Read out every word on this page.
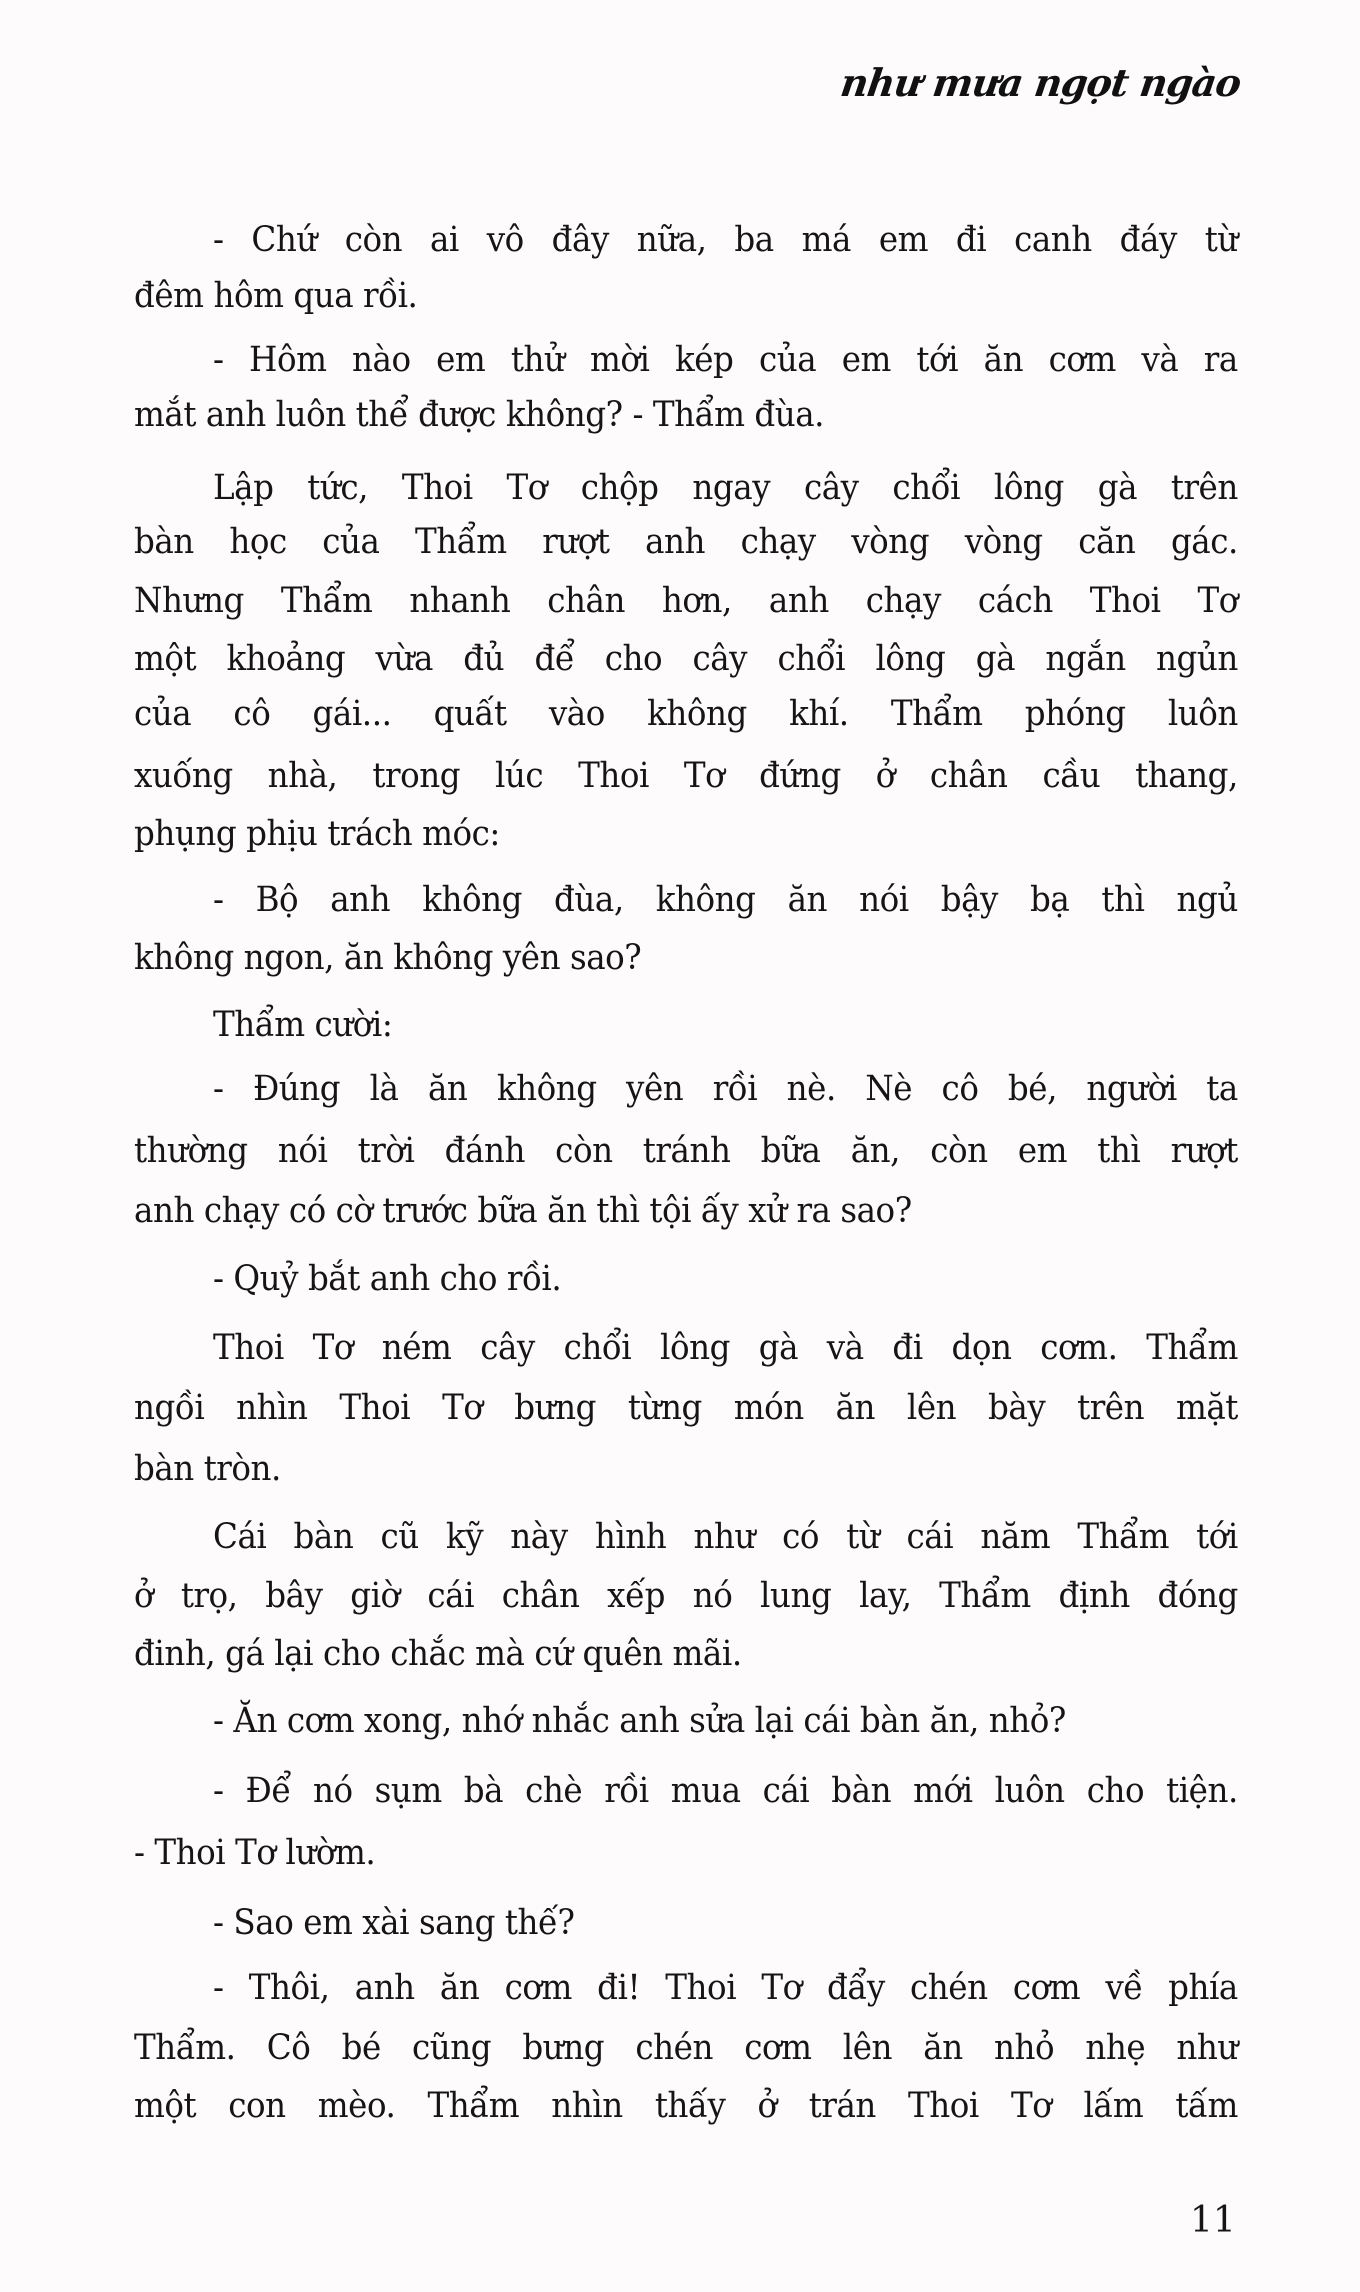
như mưa ngọt ngào
- Chứ còn ai vô đây nữa, ba má em đi canh đáy từ
đêm hôm qua rồi.
- Hôm nào em thử mời kép của em tới ăn cơm và ra
mắt anh luôn thể được không? - Thẩm đùa.
Lập tức, Thoi Tơ chộp ngay cây chổi lông gà trên
bàn học của Thẩm rượt anh chạy vòng vòng căn gác.
Nhưng Thẩm nhanh chân hơn, anh chạy cách Thoi Tơ
một khoảng vừa đủ để cho cây chổi lông gà ngắn ngủn
của cô gái... quất vào không khí. Thẩm phóng luôn
xuống nhà, trong lúc Thoi Tơ đứng ở chân cầu thang,
phụng phịu trách móc:
- Bộ anh không đùa, không ăn nói bậy bạ thì ngủ
không ngon, ăn không yên sao?
Thẩm cười:
- Đúng là ăn không yên rồi nè. Nè cô bé, người ta
thường nói trời đánh còn tránh bữa ăn, còn em thì rượt
anh chạy có cờ trước bữa ăn thì tội ấy xử ra sao?
- Quỷ bắt anh cho rồi.
Thoi Tơ ném cây chổi lông gà và đi dọn cơm. Thẩm
ngồi nhìn Thoi Tơ bưng từng món ăn lên bày trên mặt
bàn tròn.
Cái bàn cũ kỹ này hình như có từ cái năm Thẩm tới
ở trọ, bây giờ cái chân xếp nó lung lay, Thẩm định đóng
đinh, gá lại cho chắc mà cứ quên mãi.
- Ăn cơm xong, nhớ nhắc anh sửa lại cái bàn ăn, nhỏ?
- Để nó sụm bà chè rồi mua cái bàn mới luôn cho tiện.
- Thoi Tơ lườm.
- Sao em xài sang thế?
- Thôi, anh ăn cơm đi! Thoi Tơ đẩy chén cơm về phía
Thẩm. Cô bé cũng bưng chén cơm lên ăn nhỏ nhẹ như
một con mèo. Thẩm nhìn thấy ở trán Thoi Tơ lấm tấm
11
